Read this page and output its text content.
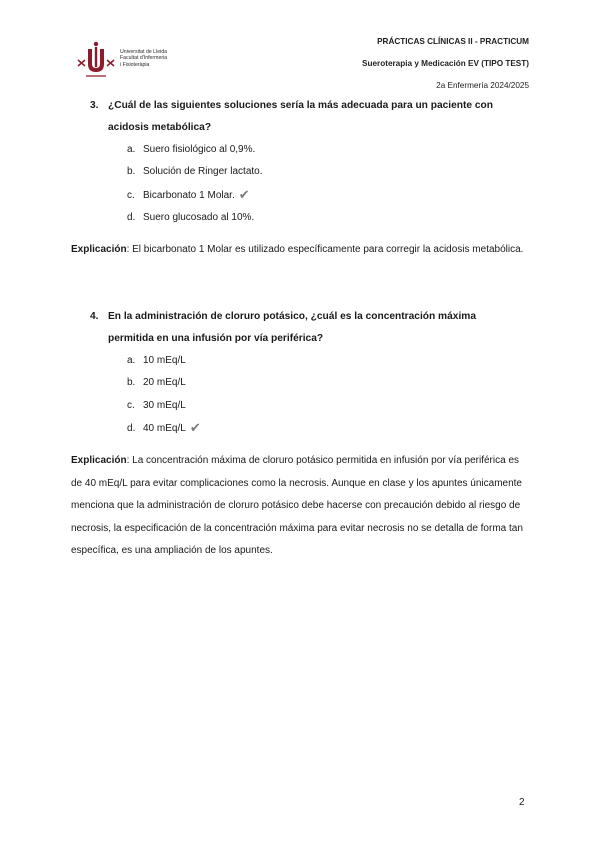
Universitat de Lleida
Facultat d'Infermeria
i Fisioteràpia
PRÁCTICAS CLÍNICAS II - PRACTICUM
Sueroterapia y Medicación EV (TIPO TEST)
2a Enfermería 2024/2025
3. ¿Cuál de las siguientes soluciones sería la más adecuada para un paciente con
acidosis metabólica?
a. Suero fisiológico al 0,9%.
b. Solución de Ringer lactato.
c. Bicarbonato 1 Molar. ✔
d. Suero glucosado al 10%.
Explicación: El bicarbonato 1 Molar es utilizado específicamente para corregir la acidosis metabólica.
4. En la administración de cloruro potásico, ¿cuál es la concentración máxima
permitida en una infusión por vía periférica?
a. 10 mEq/L
b. 20 mEq/L
c. 30 mEq/L
d. 40 mEq/L ✔
Explicación: La concentración máxima de cloruro potásico permitida en infusión por vía periférica es de 40 mEq/L para evitar complicaciones como la necrosis. Aunque en clase y los apuntes únicamente menciona que la administración de cloruro potásico debe hacerse con precaución debido al riesgo de necrosis, la especificación de la concentración máxima para evitar necrosis no se detalla de forma tan específica, es una ampliación de los apuntes.
2
